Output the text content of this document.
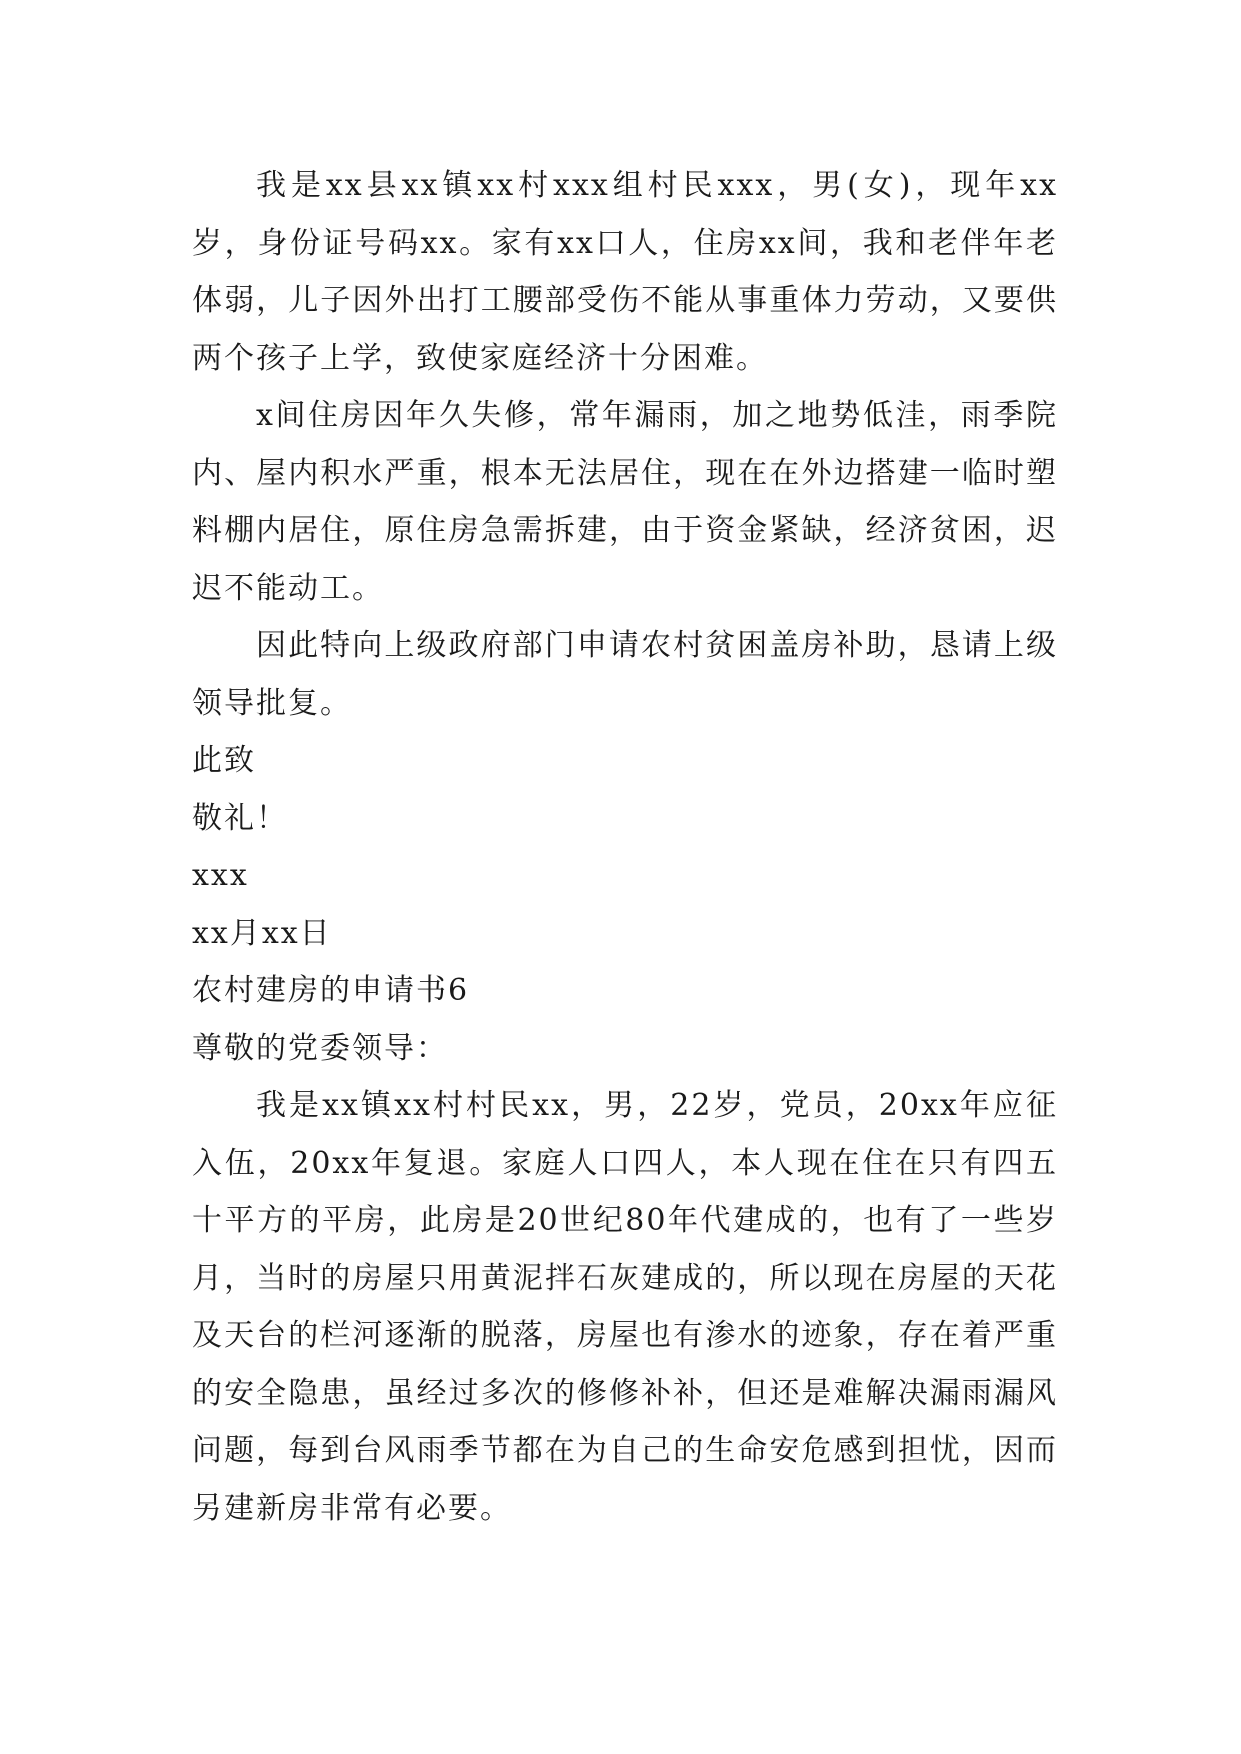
我是xx县xx镇xx村xxx组村民xxx，男(女)，现年xx岁，身份证号码xx。家有xx口人，住房xx间，我和老伴年老体弱，儿子因外出打工腰部受伤不能从事重体力劳动，又要供两个孩子上学，致使家庭经济十分困难。

x间住房因年久失修，常年漏雨，加之地势低洼，雨季院内、屋内积水严重，根本无法居住，现在在外边搭建一临时塑料棚内居住，原住房急需拆建，由于资金紧缺，经济贫困，迟迟不能动工。

因此特向上级政府部门申请农村贫困盖房补助，恳请上级领导批复。

此致

敬礼！

xxx

xx月xx日

农村建房的申请书6

尊敬的党委领导：

我是xx镇xx村村民xx，男，22岁，党员，20xx年应征入伍，20xx年复退。家庭人口四人，本人现在住在只有四五十平方的平房，此房是20世纪80年代建成的，也有了一些岁月，当时的房屋只用黄泥拌石灰建成的，所以现在房屋的天花及天台的栏河逐渐的脱落，房屋也有渗水的迹象，存在着严重的安全隐患，虽经过多次的修修补补，但还是难解决漏雨漏风问题，每到台风雨季节都在为自己的生命安危感到担忧，因而另建新房非常有必要。
